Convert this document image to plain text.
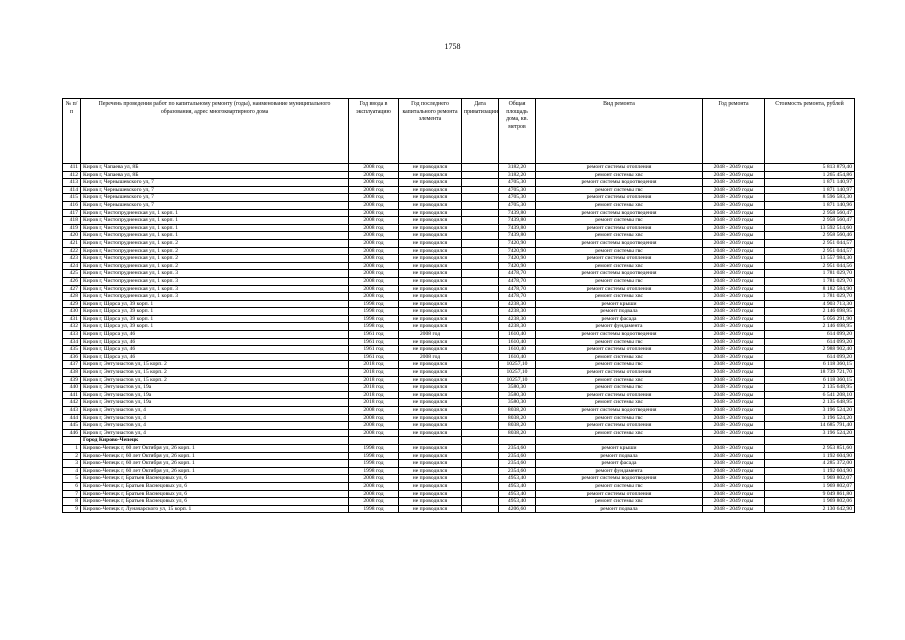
1758
№ п/п	Перечень проведения работ по капитальному ремонту (годы), наименование муниципального образования, адрес многоквартирного дома	Год ввода в эксплуатацию	Год последнего капитального ремонта элемента	Дата приватизации	Общая площадь дома, кв. метров	Вид ремонта	Год ремонта	Стоимость ремонта, рублей
411	Киров г, Чапаева ул, 8Б	2008 год	не проводился		3182,20	ремонт системы отопления	2048 - 2049 годы	5 813 879,40
412	Киров г, Чапаева ул, 8Б	2008 год	не проводился		3182,20	ремонт системы хвс	2048 - 2049 годы	1 265 454,86
413	Киров г, Чернышевского ул, 7	2008 год	не проводился		4705,30	ремонт системы водоотведения	2048 - 2049 годы	1 871 140,97
414	Киров г, Чернышевского ул, 7	2008 год	не проводился		4705,30	ремонт системы гвс	2048 - 2049 годы	1 871 140,97
415	Киров г, Чернышевского ул, 7	2008 год	не проводился		4705,30	ремонт системы отопления	2048 - 2049 годы	8 596 583,30
416	Киров г, Чернышевского ул, 7	2008 год	не проводился		4705,30	ремонт системы хвс	2048 - 2049 годы	1 871 140,96
417	Киров г, Чистопрудненская ул, 1 корп. 1	2008 год	не проводился		7439,80	ремонт системы водоотведения	2048 - 2049 годы	2 958 560,47
418	Киров г, Чистопрудненская ул, 1 корп. 1	2008 год	не проводился		7439,80	ремонт системы гвс	2048 - 2049 годы	2 958 560,47
419	Киров г, Чистопрудненская ул, 1 корп. 1	2008 год	не проводился		7439,80	ремонт системы отопления	2048 - 2049 годы	13 592 514,60
420	Киров г, Чистопрудненская ул, 1 корп. 1	2008 год	не проводился		7439,80	ремонт системы хвс	2048 - 2049 годы	2 958 560,46
421	Киров г, Чистопрудненская ул, 1 корп. 2	2008 год	не проводился		7420,90	ремонт системы водоотведения	2048 - 2049 годы	2 951 044,57
422	Киров г, Чистопрудненская ул, 1 корп. 2	2008 год	не проводился		7420,90	ремонт системы гвс	2048 - 2049 годы	2 951 044,57
423	Киров г, Чистопрудненская ул, 1 корп. 2	2008 год	не проводился		7420,90	ремонт системы отопления	2048 - 2049 годы	13 557 984,30
424	Киров г, Чистопрудненская ул, 1 корп. 2	2008 год	не проводился		7420,90	ремонт системы хвс	2048 - 2049 годы	2 951 044,56
425	Киров г, Чистопрудненская ул, 1 корп. 3	2008 год	не проводился		4478,70	ремонт системы водоотведения	2048 - 2049 годы	1 781 029,70
426	Киров г, Чистопрудненская ул, 1 корп. 3	2008 год	не проводился		4478,70	ремонт системы гвс	2048 - 2049 годы	1 781 029,70
427	Киров г, Чистопрудненская ул, 1 корп. 3	2008 год	не проводился		4478,70	ремонт системы отопления	2048 - 2049 годы	8 182 584,90
428	Киров г, Чистопрудненская ул, 1 корп. 3	2008 год	не проводился		4478,70	ремонт системы хвс	2048 - 2049 годы	1 781 029,70
429	Киров г, Щорса ул, 39 корп. 1	1998 год	не проводился		4238,30	ремонт крыши	2048 - 2049 годы	4 903 713,30
430	Киров г, Щорса ул, 39 корп. 1	1998 год	не проводился		4238,30	ремонт подвала	2048 - 2049 годы	2 146 698,95
431	Киров г, Щорса ул, 39 корп. 1	1998 год	не проводился		4238,30	ремонт фасада	2048 - 2049 годы	5 056 291,90
432	Киров г, Щорса ул, 39 корп. 1	1998 год	не проводился		4238,30	ремонт фундамента	2048 - 2049 годы	2 146 698,95
433	Киров г, Щорса ул, 46	1961 год	2008 год		1610,40	ремонт системы водоотведения	2048 - 2049 годы	614 099,20
434	Киров г, Щорса ул, 46	1961 год	не проводился		1610,40	ремонт системы гвс	2048 - 2049 годы	614 099,20
435	Киров г, Щорса ул, 46	1961 год	не проводился		1610,40	ремонт системы отопления	2048 - 2049 годы	2 988 902,40
436	Киров г, Щорса ул, 46	1961 год	2008 год		1610,40	ремонт системы хвс	2048 - 2049 годы	614 099,20
437	Киров г, Энтузиастов ул, 15 корп. 2	2018 год	не проводился		10257,10	ремонт системы гвс	2048 - 2049 годы	6 118 360,15
438	Киров г, Энтузиастов ул, 15 корп. 2	2018 год	не проводился		10257,10	ремонт системы отопления	2048 - 2049 годы	18 739 721,70
439	Киров г, Энтузиастов ул, 15 корп. 2	2018 год	не проводился		10257,10	ремонт системы хвс	2048 - 2049 годы	6 118 360,15
440	Киров г, Энтузиастов ул, 19а	2018 год	не проводился		3580,30	ремонт системы гвс	2048 - 2049 годы	2 135 648,95
441	Киров г, Энтузиастов ул, 19а	2018 год	не проводился		3580,30	ремонт системы отопления	2048 - 2049 годы	6 541 208,10
442	Киров г, Энтузиастов ул, 19а	2018 год	не проводился		3580,30	ремонт системы хвс	2048 - 2049 годы	2 135 648,95
443	Киров г, Энтузиастов ул, 4	2008 год	не проводился		8038,20	ремонт системы водоотведения	2048 - 2049 годы	3 196 524,20
444	Киров г, Энтузиастов ул, 4	2008 год	не проводился		8038,20	ремонт системы гвс	2048 - 2049 годы	3 196 524,20
445	Киров г, Энтузиастов ул, 4	2008 год	не проводился		8038,20	ремонт системы отопления	2048 - 2049 годы	14 685 791,40
446	Киров г, Энтузиастов ул, 4	2008 год	не проводился		8038,20	ремонт системы хвс	2048 - 2049 годы	3 196 524,20
	Город Кирово-Чепецк							
1	Кирово-Чепецк г, 60 лет Октября ул, 26 корп. 1	1998 год	не проводился		2354,60	ремонт крыши	2048 - 2049 годы	2 953 851,60
2	Кирово-Чепецк г, 60 лет Октября ул, 26 корп. 1	1998 год	не проводился		2354,60	ремонт подвала	2048 - 2049 годы	1 192 604,90
3	Кирово-Чепецк г, 60 лет Октября ул, 26 корп. 1	1998 год	не проводился		2354,60	ремонт фасада	2048 - 2049 годы	4 285 372,00
4	Кирово-Чепецк г, 60 лет Октября ул, 26 корп. 1	1998 год	не проводился		2354,60	ремонт фундамента	2048 - 2049 годы	1 192 604,90
5	Кирово-Чепецк г, Братьев Васнецовых ул, 6	2008 год	не проводился		4953,40	ремонт системы водоотведения	2048 - 2049 годы	1 969 802,07
6	Кирово-Чепецк г, Братьев Васнецовых ул, 6	2008 год	не проводился		4953,40	ремонт системы гвс	2048 - 2049 годы	1 969 802,07
7	Кирово-Чепецк г, Братьев Васнецовых ул, 6	2008 год	не проводился		4953,40	ремонт системы отопления	2048 - 2049 годы	9 049 861,80
8	Кирово-Чепецк г, Братьев Васнецовых ул, 6	2008 год	не проводился		4953,40	ремонт системы хвс	2048 - 2049 годы	1 969 802,06
9	Кирово-Чепецк г, Луначарского ул, 15 корп. 1	1998 год	не проводился		4206,60	ремонт подвала	2048 - 2049 годы	2 130 642,90
